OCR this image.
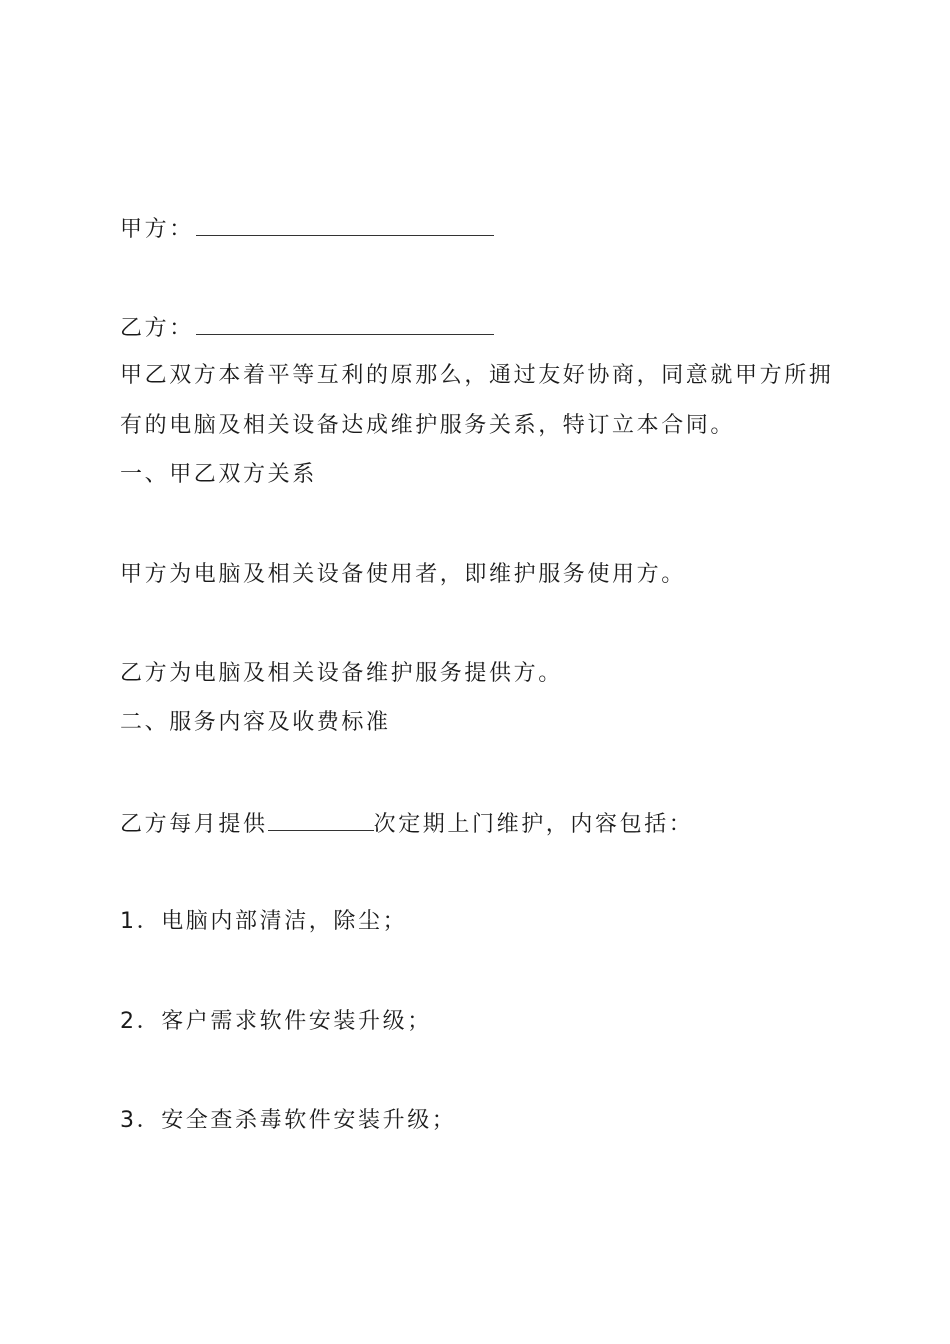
甲方：
乙方：
甲乙双方本着平等互利的原那么，通过友好协商，同意就甲方所拥
有的电脑及相关设备达成维护服务关系，特订立本合同。
一、甲乙双方关系
甲方为电脑及相关设备使用者，即维护服务使用方。
乙方为电脑及相关设备维护服务提供方。
二、服务内容及收费标准
乙方每月提供	次定期上门维护，内容包括：
1．电脑内部清洁，除尘；
2．客户需求软件安装升级；
3．安全查杀毒软件安装升级；
